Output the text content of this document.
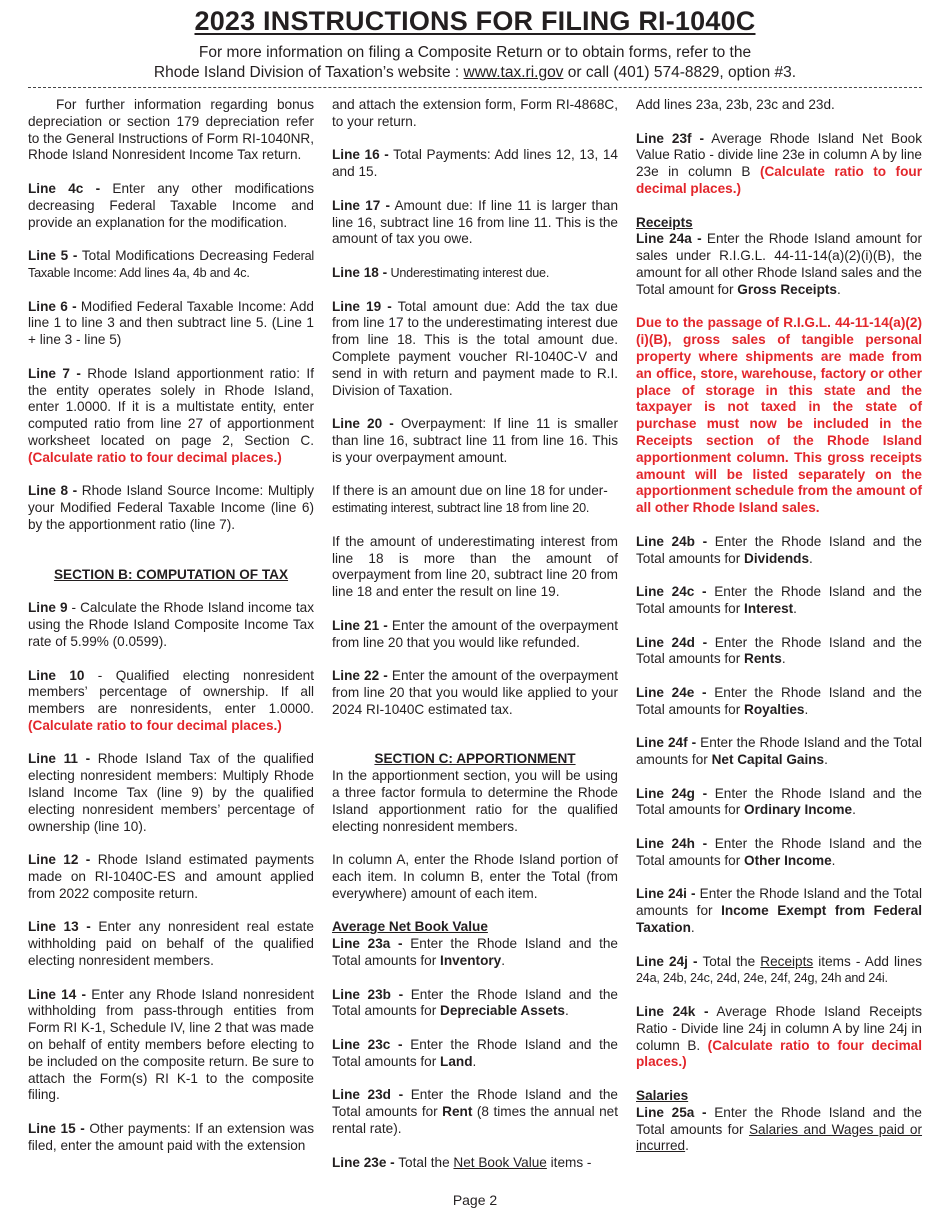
2023 INSTRUCTIONS FOR FILING RI-1040C
For more information on filing a Composite Return or to obtain forms, refer to the
Rhode Island Division of Taxation’s website : www.tax.ri.gov or call (401) 574-8829, option #3.

For further information regarding bonus depreciation or section 179 depreciation refer to the General Instructions of Form RI-1040NR, Rhode Island Nonresident Income Tax return.

Line 4c - Enter any other modifications decreasing Federal Taxable Income and provide an explanation for the modification.

Line 5 - Total Modifications Decreasing Federal Taxable Income: Add lines 4a, 4b and 4c.

Line 6 - Modified Federal Taxable Income: Add line 1 to line 3 and then subtract line 5. (Line 1 + line 3 - line 5)

Line 7 - Rhode Island apportionment ratio: If the entity operates solely in Rhode Island, enter 1.0000. If it is a multistate entity, enter computed ratio from line 27 of apportionment worksheet located on page 2, Section C. (Calculate ratio to four decimal places.)

Line 8 - Rhode Island Source Income: Multiply your Modified Federal Taxable Income (line 6) by the apportionment ratio (line 7).

SECTION B: COMPUTATION OF TAX

Line 9 - Calculate the Rhode Island income tax using the Rhode Island Composite Income Tax rate of 5.99% (0.0599).

Line 10 - Qualified electing nonresident members’ percentage of ownership. If all members are nonresidents, enter 1.0000. (Calculate ratio to four decimal places.)

Line 11 - Rhode Island Tax of the qualified electing nonresident members: Multiply Rhode Island Income Tax (line 9) by the qualified electing nonresident members’ percentage of ownership (line 10).

Line 12 - Rhode Island estimated payments made on RI-1040C-ES and amount applied from 2022 composite return.

Line 13 - Enter any nonresident real estate withholding paid on behalf of the qualified electing nonresident members.

Line 14 - Enter any Rhode Island nonresident withholding from pass-through entities from Form RI K-1, Schedule IV, line 2 that was made on behalf of entity members before electing to be included on the composite return. Be sure to attach the Form(s) RI K-1 to the composite filing.

Line 15 - Other payments: If an extension was filed, enter the amount paid with the extension

and attach the extension form, Form RI-4868C, to your return.

Line 16 - Total Payments: Add lines 12, 13, 14 and 15.

Line 17 - Amount due: If line 11 is larger than line 16, subtract line 16 from line 11. This is the amount of tax you owe.

Line 18 - Underestimating interest due.

Line 19 - Total amount due: Add the tax due from line 17 to the underestimating interest due from line 18. This is the total amount due. Complete payment voucher RI-1040C-V and send in with return and payment made to R.I. Division of Taxation.

Line 20 - Overpayment: If line 11 is smaller than line 16, subtract line 11 from line 16. This is your overpayment amount.

If there is an amount due on line 18 for under-
estimating interest, subtract line 18 from line 20.

If the amount of underestimating interest from line 18 is more than the amount of overpayment from line 20, subtract line 20 from line 18 and enter the result on line 19.

Line 21 - Enter the amount of the overpayment from line 20 that you would like refunded.

Line 22 - Enter the amount of the overpayment from line 20 that you would like applied to your 2024 RI-1040C estimated tax.

SECTION C: APPORTIONMENT

In the apportionment section, you will be using a three factor formula to determine the Rhode Island apportionment ratio for the qualified electing nonresident members.

In column A, enter the Rhode Island portion of each item. In column B, enter the Total (from everywhere) amount of each item.

Average Net Book Value

Line 23a - Enter the Rhode Island and the Total amounts for Inventory.

Line 23b - Enter the Rhode Island and the Total amounts for Depreciable Assets.

Line 23c - Enter the Rhode Island and the Total amounts for Land.

Line 23d - Enter the Rhode Island and the Total amounts for Rent (8 times the annual net rental rate).

Line 23e - Total the Net Book Value items -

Add lines 23a, 23b, 23c and 23d.

Line 23f - Average Rhode Island Net Book Value Ratio - divide line 23e in column A by line 23e in column B (Calculate ratio to four decimal places.)

Receipts

Line 24a - Enter the Rhode Island amount for sales under R.I.G.L. 44-11-14(a)(2)(i)(B), the amount for all other Rhode Island sales and the Total amount for Gross Receipts.

Due to the passage of R.I.G.L. 44-11-14(a)(2)(i)(B), gross sales of tangible personal property where shipments are made from an office, store, warehouse, factory or other place of storage in this state and the taxpayer is not taxed in the state of purchase must now be included in the Receipts section of the Rhode Island apportionment column. This gross receipts amount will be listed separately on the apportionment schedule from the amount of all other Rhode Island sales.

Line 24b - Enter the Rhode Island and the Total amounts for Dividends.

Line 24c - Enter the Rhode Island and the Total amounts for Interest.

Line 24d - Enter the Rhode Island and the Total amounts for Rents.

Line 24e - Enter the Rhode Island and the Total amounts for Royalties.

Line 24f - Enter the Rhode Island and the Total amounts for Net Capital Gains.

Line 24g - Enter the Rhode Island and the Total amounts for Ordinary Income.

Line 24h - Enter the Rhode Island and the Total amounts for Other Income.

Line 24i - Enter the Rhode Island and the Total amounts for Income Exempt from Federal Taxation.

Line 24j - Total the Receipts items - Add lines 24a, 24b, 24c, 24d, 24e, 24f, 24g, 24h and 24i.

Line 24k - Average Rhode Island Receipts Ratio - Divide line 24j in column A by line 24j in column B. (Calculate ratio to four decimal places.)

Salaries

Line 25a - Enter the Rhode Island and the Total amounts for Salaries and Wages paid or incurred.

Page 2
